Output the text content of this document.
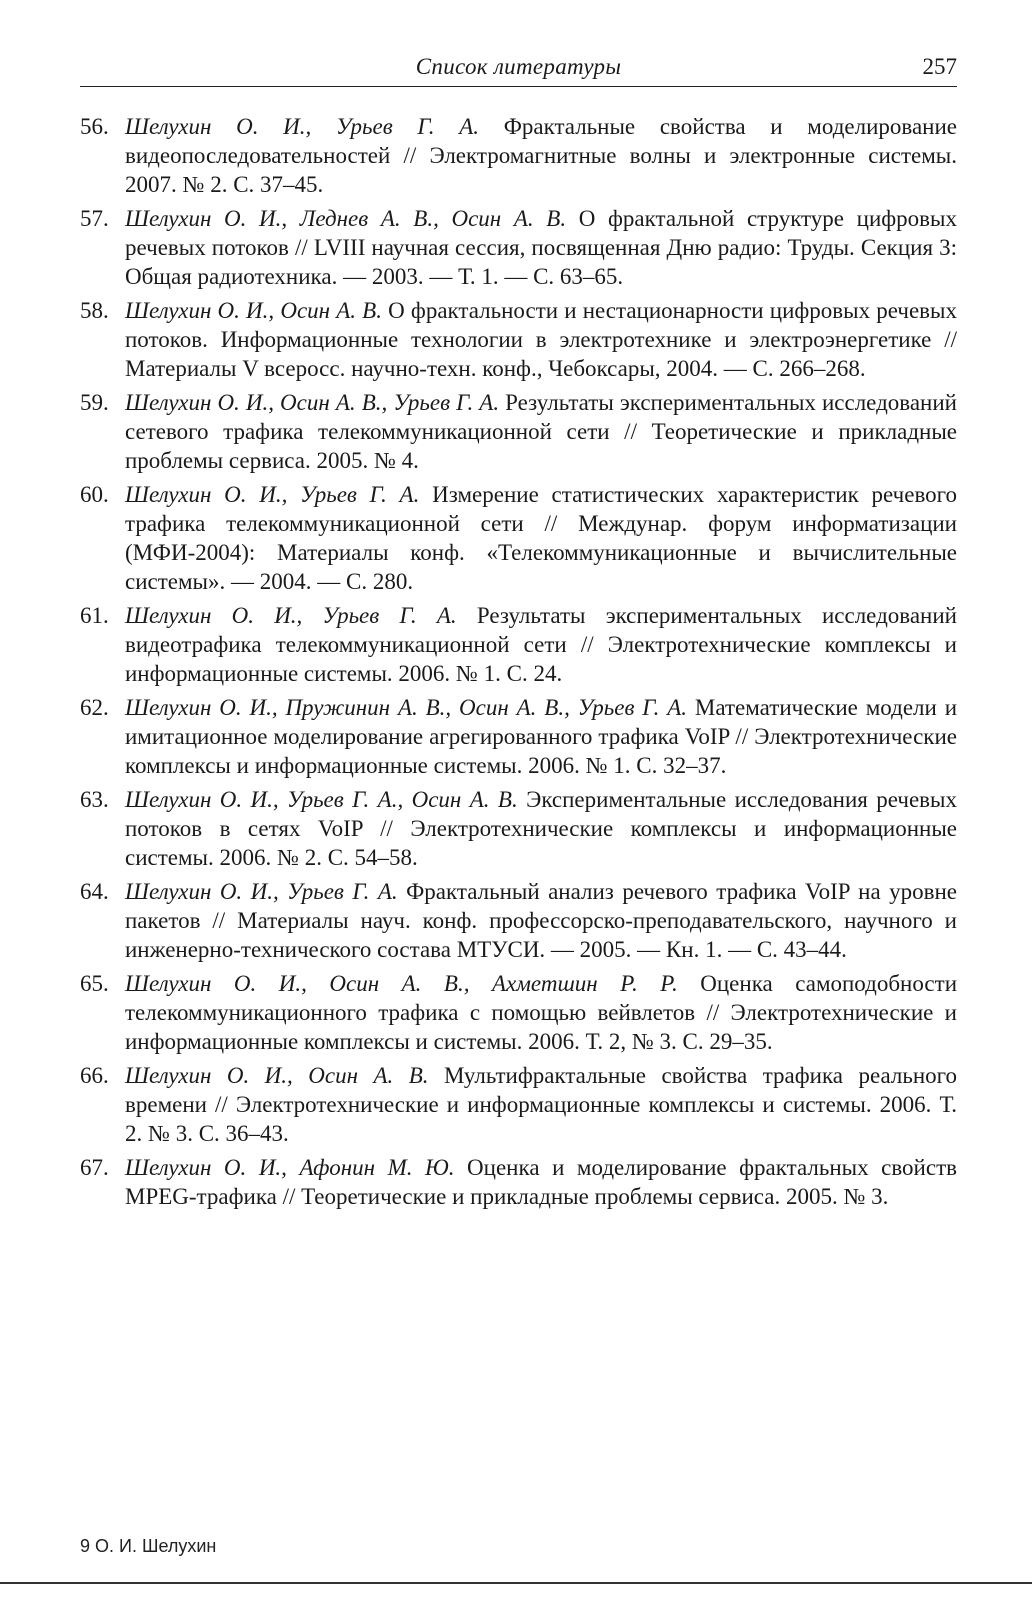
Список литературы	257
56. Шелухин О. И., Урьев Г. А. Фрактальные свойства и моделирование видеопоследовательностей // Электромагнитные волны и электронные системы. 2007. № 2. С. 37–45.
57. Шелухин О. И., Леднев А. В., Осин А. В. О фрактальной структуре цифровых речевых потоков // LVIII научная сессия, посвященная Дню радио: Труды. Секция 3: Общая радиотехника. — 2003. — Т. 1. — С. 63–65.
58. Шелухин О. И., Осин А. В. О фрактальности и нестационарности цифровых речевых потоков. Информационные технологии в электротехнике и электроэнергетике // Материалы V всеросс. научно-техн. конф., Чебоксары, 2004. — С. 266–268.
59. Шелухин О. И., Осин А. В., Урьев Г. А. Результаты экспериментальных исследований сетевого трафика телекоммуникационной сети // Теоретические и прикладные проблемы сервиса. 2005. № 4.
60. Шелухин О. И., Урьев Г. А. Измерение статистических характеристик речевого трафика телекоммуникационной сети // Междунар. форум информатизации (МФИ-2004): Материалы конф. «Телекоммуникационные и вычислительные системы». — 2004. — С. 280.
61. Шелухин О. И., Урьев Г. А. Результаты экспериментальных исследований видеотрафика телекоммуникационной сети // Электротехнические комплексы и информационные системы. 2006. № 1. С. 24.
62. Шелухин О. И., Пружинин А. В., Осин А. В., Урьев Г. А. Математические модели и имитационное моделирование агрегированного трафика VoIP // Электротехнические комплексы и информационные системы. 2006. № 1. С. 32–37.
63. Шелухин О. И., Урьев Г. А., Осин А. В. Экспериментальные исследования речевых потоков в сетях VoIP // Электротехнические комплексы и информационные системы. 2006. № 2. С. 54–58.
64. Шелухин О. И., Урьев Г. А. Фрактальный анализ речевого трафика VoIP на уровне пакетов // Материалы науч. конф. профессорско-преподавательского, научного и инженерно-технического состава МТУСИ. — 2005. — Кн. 1. — С. 43–44.
65. Шелухин О. И., Осин А. В., Ахметшин Р. Р. Оценка самоподобности телекоммуникационного трафика с помощью вейвлетов // Электротехнические и информационные комплексы и системы. 2006. Т. 2, № 3. С. 29–35.
66. Шелухин О. И., Осин А. В. Мультифрактальные свойства трафика реального времени // Электротехнические и информационные комплексы и системы. 2006. Т. 2. № 3. С. 36–43.
67. Шелухин О. И., Афонин М. Ю. Оценка и моделирование фрактальных свойств MPEG-трафика // Теоретические и прикладные проблемы сервиса. 2005. № 3.
9 О. И. Шелухин
